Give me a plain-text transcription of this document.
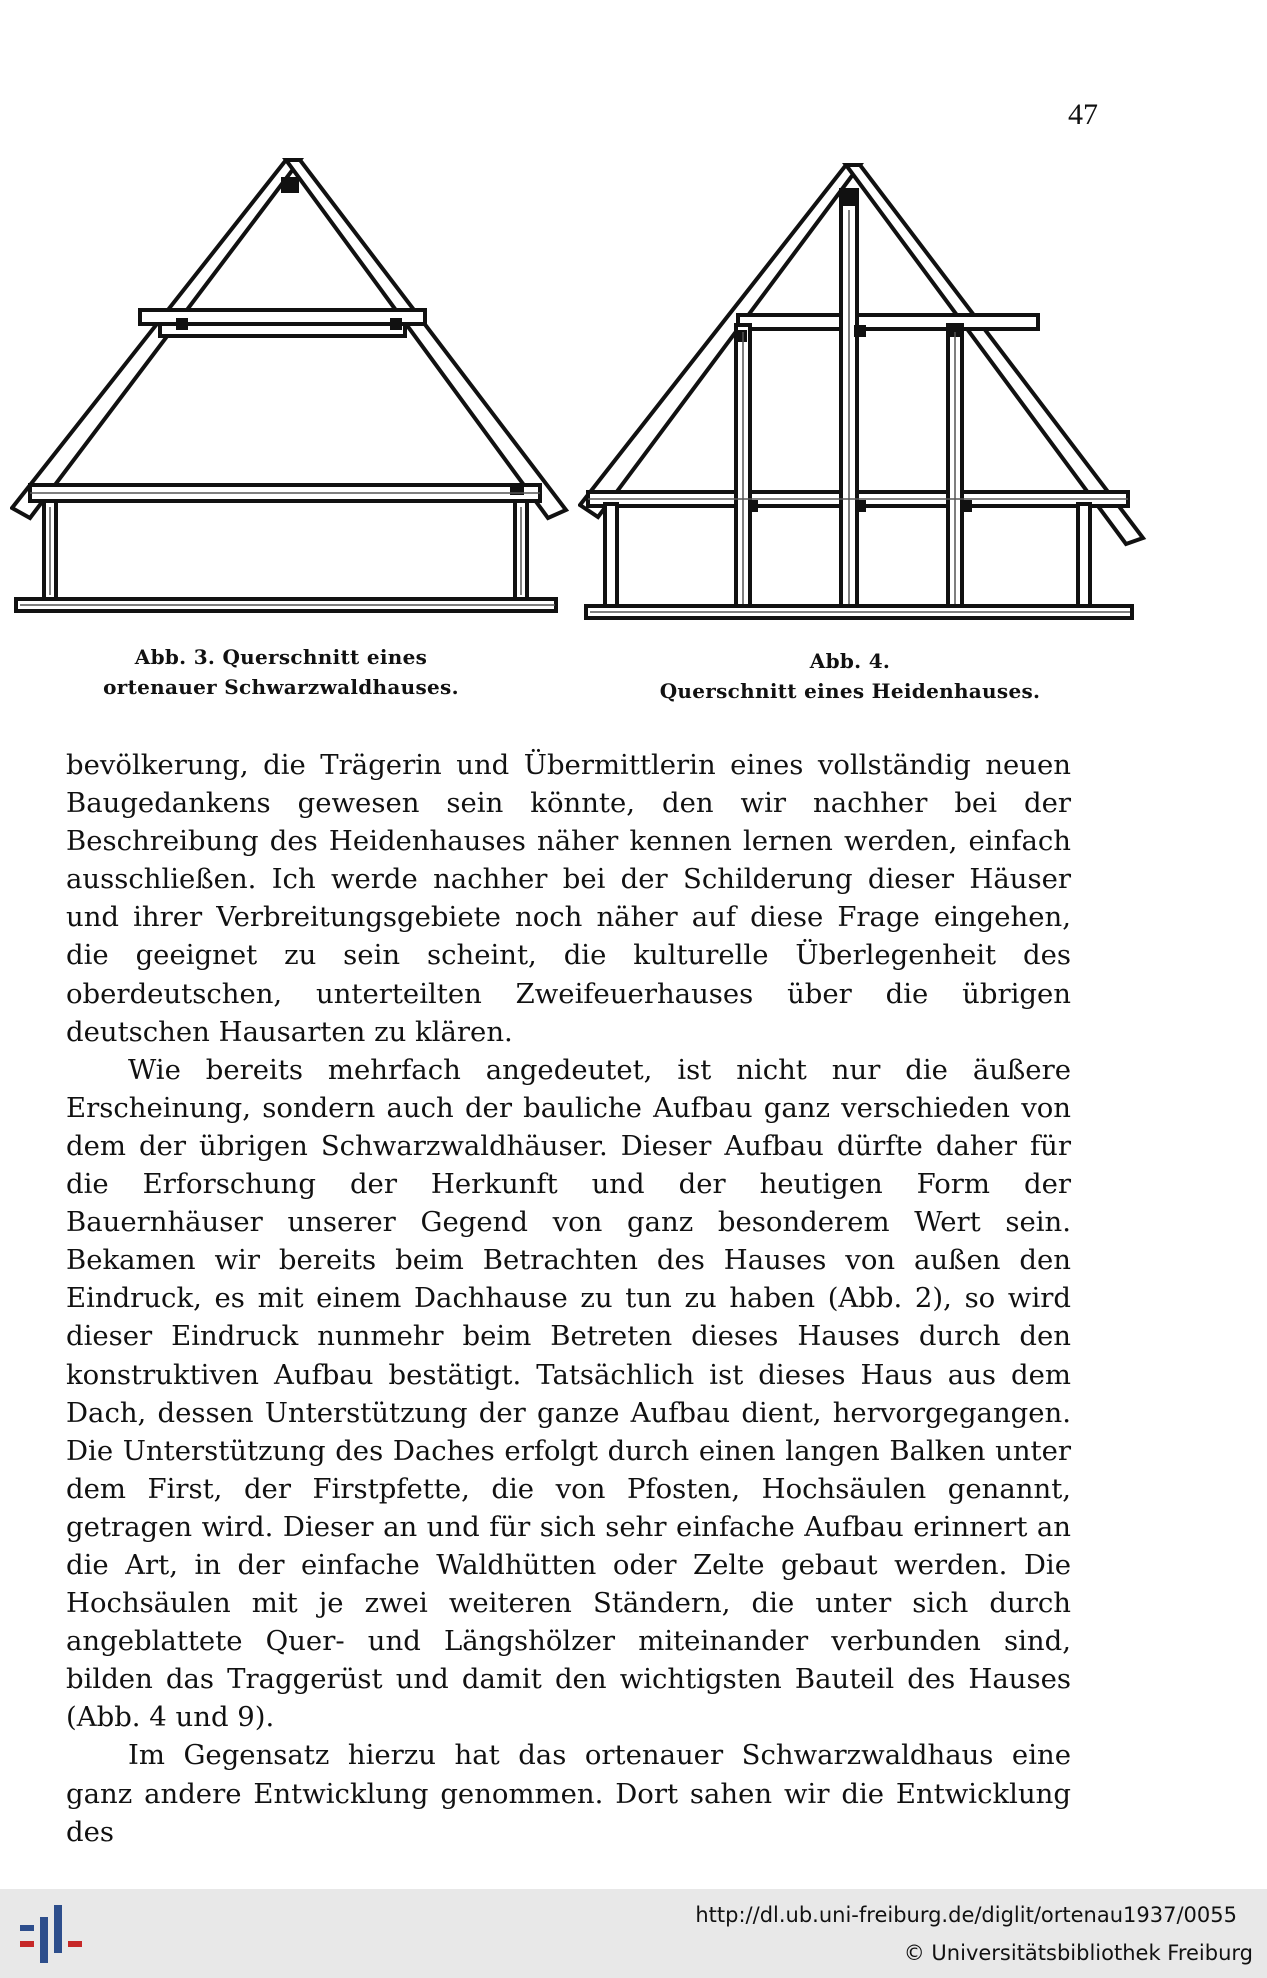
47
Abb. 3. Querschnitt eines
ortenauer Schwarzwaldhauses.
Abb. 4.
Querschnitt eines Heidenhauses.

bevölkerung, die Trägerin und Übermittlerin eines vollständig neuen Baugedankens gewesen sein könnte, den wir nachher bei der Beschreibung des Heidenhauses näher kennen lernen werden, einfach ausschließen. Ich werde nachher bei der Schilderung dieser Häuser und ihrer Verbreitungsgebiete noch näher auf diese Frage eingehen, die geeignet zu sein scheint, die kulturelle Überlegenheit des oberdeutschen, unterteilten Zweifeuerhauses über die übrigen deutschen Hausarten zu klären.

Wie bereits mehrfach angedeutet, ist nicht nur die äußere Erscheinung, sondern auch der bauliche Aufbau ganz verschieden von dem der übrigen Schwarzwaldhäuser. Dieser Aufbau dürfte daher für die Erforschung der Herkunft und der heutigen Form der Bauernhäuser unserer Gegend von ganz besonderem Wert sein. Bekamen wir bereits beim Betrachten des Hauses von außen den Eindruck, es mit einem Dachhause zu tun zu haben (Abb. 2), so wird dieser Eindruck nunmehr beim Betreten dieses Hauses durch den konstruktiven Aufbau bestätigt. Tatsächlich ist dieses Haus aus dem Dach, dessen Unterstützung der ganze Aufbau dient, hervorgegangen. Die Unterstützung des Daches erfolgt durch einen langen Balken unter dem First, der Firstpfette, die von Pfosten, Hochsäulen genannt, getragen wird. Dieser an und für sich sehr einfache Aufbau erinnert an die Art, in der einfache Waldhütten oder Zelte gebaut werden. Die Hochsäulen mit je zwei weiteren Ständern, die unter sich durch angeblattete Quer- und Längshölzer miteinander verbunden sind, bilden das Traggerüst und damit den wichtigsten Bauteil des Hauses (Abb. 4 und 9).

Im Gegensatz hierzu hat das ortenauer Schwarzwaldhaus eine ganz andere Entwicklung genommen. Dort sahen wir die Entwicklung des

http://dl.ub.uni-freiburg.de/diglit/ortenau1937/0055
© Universitätsbibliothek Freiburg
